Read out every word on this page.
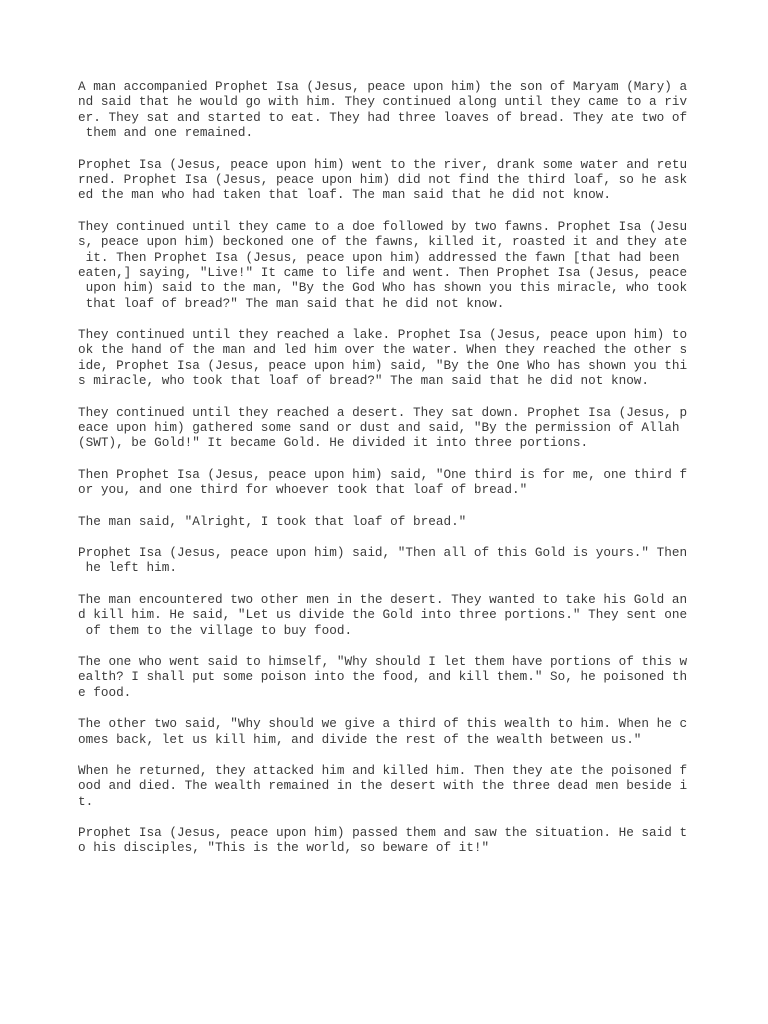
A man accompanied Prophet Isa (Jesus, peace upon him) the son of Maryam (Mary) a
nd said that he would go with him. They continued along until they came to a riv
er. They sat and started to eat. They had three loaves of bread. They ate two of
them and one remained.
Prophet Isa (Jesus, peace upon him) went to the river, drank some water and retu
rned. Prophet Isa (Jesus, peace upon him) did not find the third loaf, so he ask
ed the man who had taken that loaf. The man said that he did not know.
They continued until they came to a doe followed by two fawns. Prophet Isa (Jesu
s, peace upon him) beckoned one of the fawns, killed it, roasted it and they ate
it. Then Prophet Isa (Jesus, peace upon him) addressed the fawn [that had been
eaten,] saying, "Live!" It came to life and went. Then Prophet Isa (Jesus, peace
upon him) said to the man, "By the God Who has shown you this miracle, who took
that loaf of bread?" The man said that he did not know.
They continued until they reached a lake. Prophet Isa (Jesus, peace upon him) to
ok the hand of the man and led him over the water. When they reached the other s
ide, Prophet Isa (Jesus, peace upon him) said, "By the One Who has shown you thi
s miracle, who took that loaf of bread?" The man said that he did not know.
They continued until they reached a desert. They sat down. Prophet Isa (Jesus, p
eace upon him) gathered some sand or dust and said, "By the permission of Allah
(SWT), be Gold!" It became Gold. He divided it into three portions.
Then Prophet Isa (Jesus, peace upon him) said, "One third is for me, one third f
or you, and one third for whoever took that loaf of bread."
The man said, "Alright, I took that loaf of bread."
Prophet Isa (Jesus, peace upon him) said, "Then all of this Gold is yours." Then
he left him.
The man encountered two other men in the desert. They wanted to take his Gold an
d kill him. He said, "Let us divide the Gold into three portions." They sent one
of them to the village to buy food.
The one who went said to himself, "Why should I let them have portions of this w
ealth? I shall put some poison into the food, and kill them." So, he poisoned th
e food.
The other two said, "Why should we give a third of this wealth to him. When he c
omes back, let us kill him, and divide the rest of the wealth between us."
When he returned, they attacked him and killed him. Then they ate the poisoned f
ood and died. The wealth remained in the desert with the three dead men beside i
t.
Prophet Isa (Jesus, peace upon him) passed them and saw the situation. He said t
o his disciples, "This is the world, so beware of it!"
